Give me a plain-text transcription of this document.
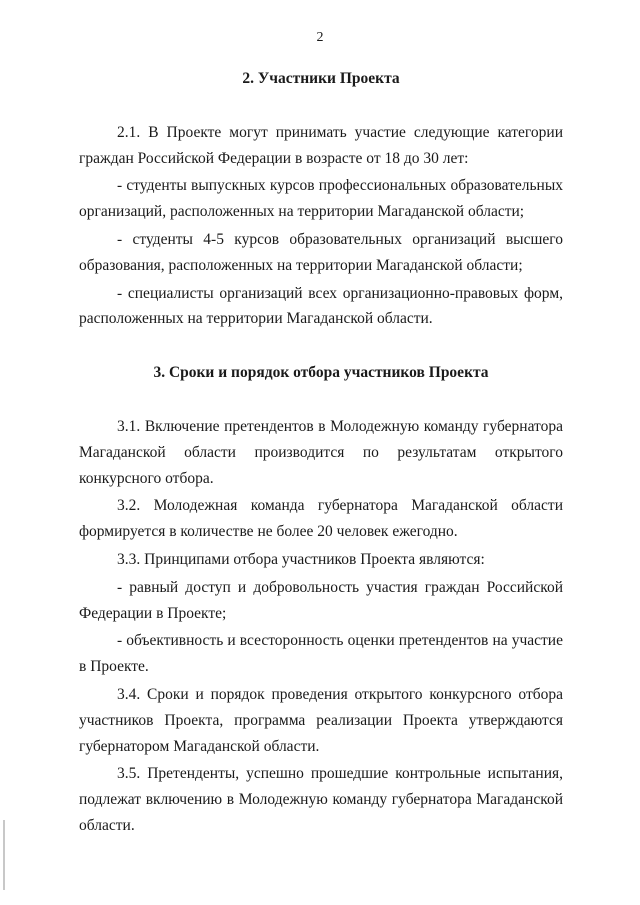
2
2. Участники Проекта

2.1. В Проекте могут принимать участие следующие категории граждан Российской Федерации в возрасте от 18 до 30 лет:

- студенты выпускных курсов профессиональных образовательных организаций, расположенных на территории Магаданской области;

- студенты 4-5 курсов образовательных организаций высшего образования, расположенных на территории Магаданской области;

- специалисты организаций всех организационно-правовых форм, расположенных на территории Магаданской области.

3. Сроки и порядок отбора участников Проекта

3.1. Включение претендентов в Молодежную команду губернатора Магаданской области производится по результатам открытого конкурсного отбора.

3.2. Молодежная команда губернатора Магаданской области формируется в количестве не более 20 человек ежегодно.

3.3. Принципами отбора участников Проекта являются:

- равный доступ и добровольность участия граждан Российской Федерации в Проекте;

- объективность и всесторонность оценки претендентов на участие в Проекте.

3.4. Сроки и порядок проведения открытого конкурсного отбора участников Проекта, программа реализации Проекта утверждаются губернатором Магаданской области.

3.5. Претенденты, успешно прошедшие контрольные испытания, подлежат включению в Молодежную команду губернатора Магаданской области.
